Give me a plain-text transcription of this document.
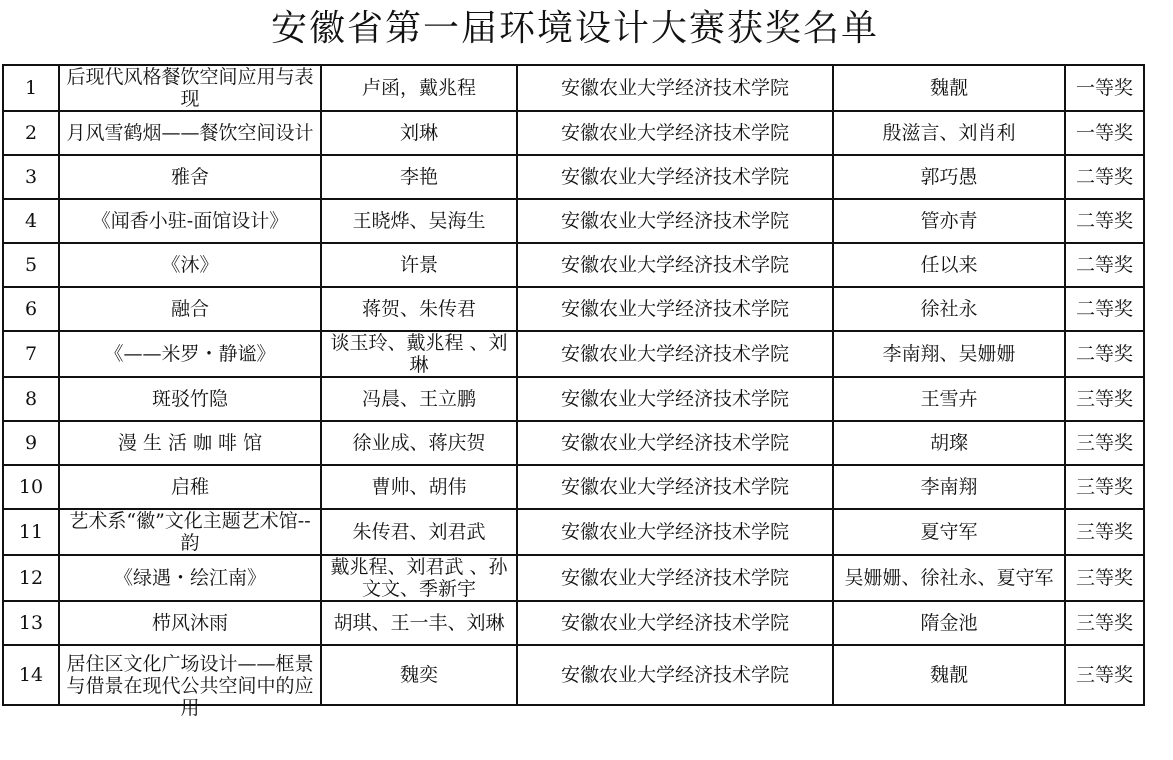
安徽省第一届环境设计大赛获奖名单
1	后现代风格餐饮空间应用与表现	卢函，戴兆程	安徽农业大学经济技术学院	魏靓	一等奖

2	月风雪鹤烟——餐饮空间设计	刘琳	安徽农业大学经济技术学院	殷滋言、刘肖利	一等奖

3	雅舍	李艳	安徽农业大学经济技术学院	郭巧愚	二等奖

4	《闻香小驻-面馆设计》	王晓烨、吴海生	安徽农业大学经济技术学院	管亦青	二等奖

5	《沐》	许景	安徽农业大学经济技术学院	任以来	二等奖

6	融合	蒋贺、朱传君	安徽农业大学经济技术学院	徐社永	二等奖

7	《——米罗・静谧》	谈玉玲、戴兆程 、刘琳	安徽农业大学经济技术学院	李南翔、吴姗姗	二等奖

8	斑驳竹隐	冯晨、王立鹏	安徽农业大学经济技术学院	王雪卉	三等奖

9	漫 生 活 咖 啡 馆	徐业成、蒋庆贺	安徽农业大学经济技术学院	胡璨	三等奖

10	启稚	曹帅、胡伟	安徽农业大学经济技术学院	李南翔	三等奖

11	艺术系“徽”文化主题艺术馆--韵	朱传君、刘君武	安徽农业大学经济技术学院	夏守军	三等奖

12	《绿遇・绘江南》	戴兆程、刘君武 、孙文文、季新宇	安徽农业大学经济技术学院	吴姗姗、徐社永、夏守军	三等奖

13	栉风沐雨	胡琪、王一丰、刘琳	安徽农业大学经济技术学院	隋金池	三等奖

14	居住区文化广场设计——框景与借景在现代公共空间中的应用	魏奕	安徽农业大学经济技术学院	魏靓	三等奖
